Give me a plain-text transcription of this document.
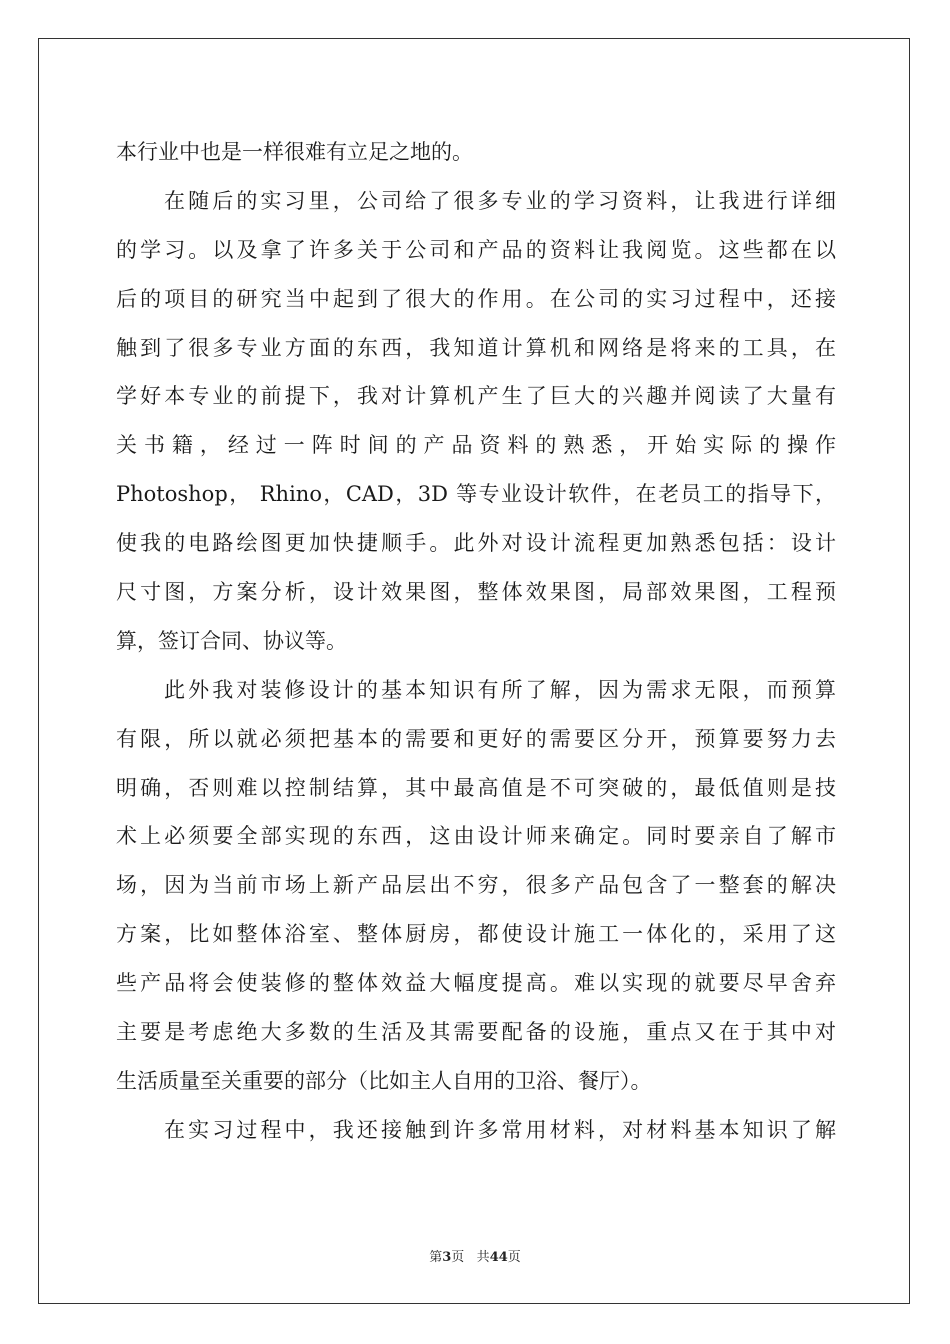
本行业中也是一样很难有立足之地的。
在随后的实习里，公司给了很多专业的学习资料，让我进行详细
的学习。以及拿了许多关于公司和产品的资料让我阅览。这些都在以
后的项目的研究当中起到了很大的作用。在公司的实习过程中，还接
触到了很多专业方面的东西，我知道计算机和网络是将来的工具，在
学好本专业的前提下，我对计算机产生了巨大的兴趣并阅读了大量有
关书籍，经过一阵时间的产品资料的熟悉，开始实际的操作
Photoshop， Rhino，CAD，3D 等专业设计软件，在老员工的指导下，
使我的电路绘图更加快捷顺手。此外对设计流程更加熟悉包括：设计
尺寸图，方案分析，设计效果图，整体效果图，局部效果图，工程预
算，签订合同、协议等。
此外我对装修设计的基本知识有所了解，因为需求无限，而预算
有限，所以就必须把基本的需要和更好的需要区分开，预算要努力去
明确，否则难以控制结算，其中最高值是不可突破的，最低值则是技
术上必须要全部实现的东西，这由设计师来确定。同时要亲自了解市
场，因为当前市场上新产品层出不穷，很多产品包含了一整套的解决
方案，比如整体浴室、整体厨房，都使设计施工一体化的，采用了这
些产品将会使装修的整体效益大幅度提高。难以实现的就要尽早舍弃
主要是考虑绝大多数的生活及其需要配备的设施，重点又在于其中对
生活质量至关重要的部分（比如主人自用的卫浴、餐厅）。
在实习过程中，我还接触到许多常用材料，对材料基本知识了解
第3页 共44页
